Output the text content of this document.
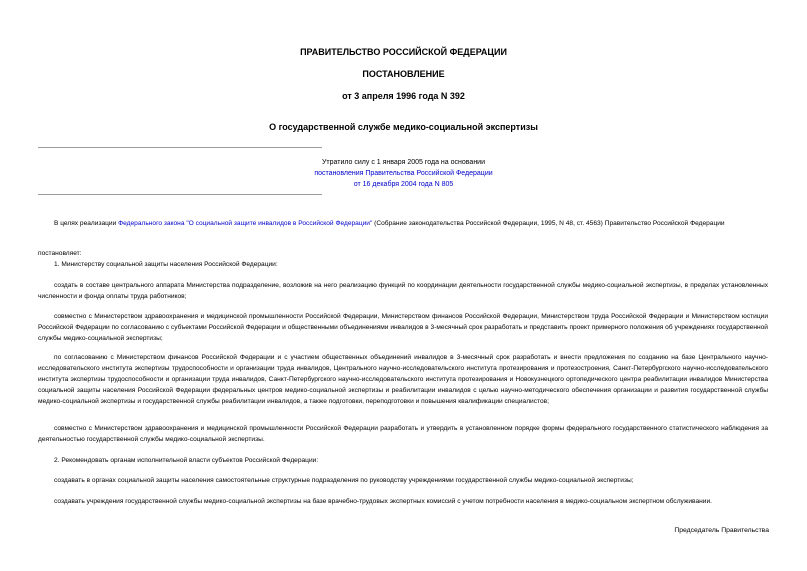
ПРАВИТЕЛЬСТВО РОССИЙСКОЙ ФЕДЕРАЦИИ
ПОСТАНОВЛЕНИЕ
от 3 апреля 1996 года N 392
О государственной службе медико-социальной экспертизы
Утратило силу с 1 января 2005 года на основании
постановления Правительства Российской Федерации
от 16 декабря 2004 года N 805
В целях реализации Федерального закона "О социальной защите инвалидов в Российской Федерации" (Собрание законодательства Российской Федерации, 1995, N 48, ст. 4563) Правительство Российской Федерации
постановляет:
1. Министерству социальной защиты населения Российской Федерации:
создать в составе центрального аппарата Министерства подразделение, возложив на него реализацию функций по координации деятельности государственной службы медико-социальной экспертизы, в пределах установленных численности и фонда оплаты труда работников;
совместно с Министерством здравоохранения и медицинской промышленности Российской Федерации, Министерством финансов Российской Федерации, Министерством труда Российской Федерации и Министерством юстиции Российской Федерации по согласованию с субъектами Российской Федерации и общественными объединениями инвалидов в 3-месячный срок разработать и представить проект примерного положения об учреждениях государственной службы медико-социальной экспертизы;
по согласованию с Министерством финансов Российской Федерации и с участием общественных объединений инвалидов в 3-месячный срок разработать и внести предложения по созданию на базе Центрального научно-исследовательского института экспертизы трудоспособности и организации труда инвалидов, Центрального научно-исследовательского института протезирования и протезостроения, Санкт-Петербургского научно-исследовательского института экспертизы трудоспособности и организации труда инвалидов, Санкт-Петербургского научно-исследовательского института протезирования и Новокузнецкого ортопедического центра реабилитации инвалидов Министерства социальной защиты населения Российской Федерации федеральных центров медико-социальной экспертизы и реабилитации инвалидов с целью научно-методического обеспечения организации и развития государственной службы медико-социальной экспертизы и государственной службы реабилитации инвалидов, а также подготовки, переподготовки и повышения квалификации специалистов;
совместно с Министерством здравоохранения и медицинской промышленности Российской Федерации разработать и утвердить в установленном порядке формы федерального государственного статистического наблюдения за деятельностью государственной службы медико-социальной экспертизы.
2. Рекомендовать органам исполнительной власти субъектов Российской Федерации:
создавать в органах социальной защиты населения самостоятельные структурные подразделения по руководству учреждениями государственной службы медико-социальной экспертизы;
создавать учреждения государственной службы медико-социальной экспертизы на базе врачебно-трудовых экспертных комиссий с учетом потребности населения в медико-социальном экспертном обслуживании.
Председатель Правительства
